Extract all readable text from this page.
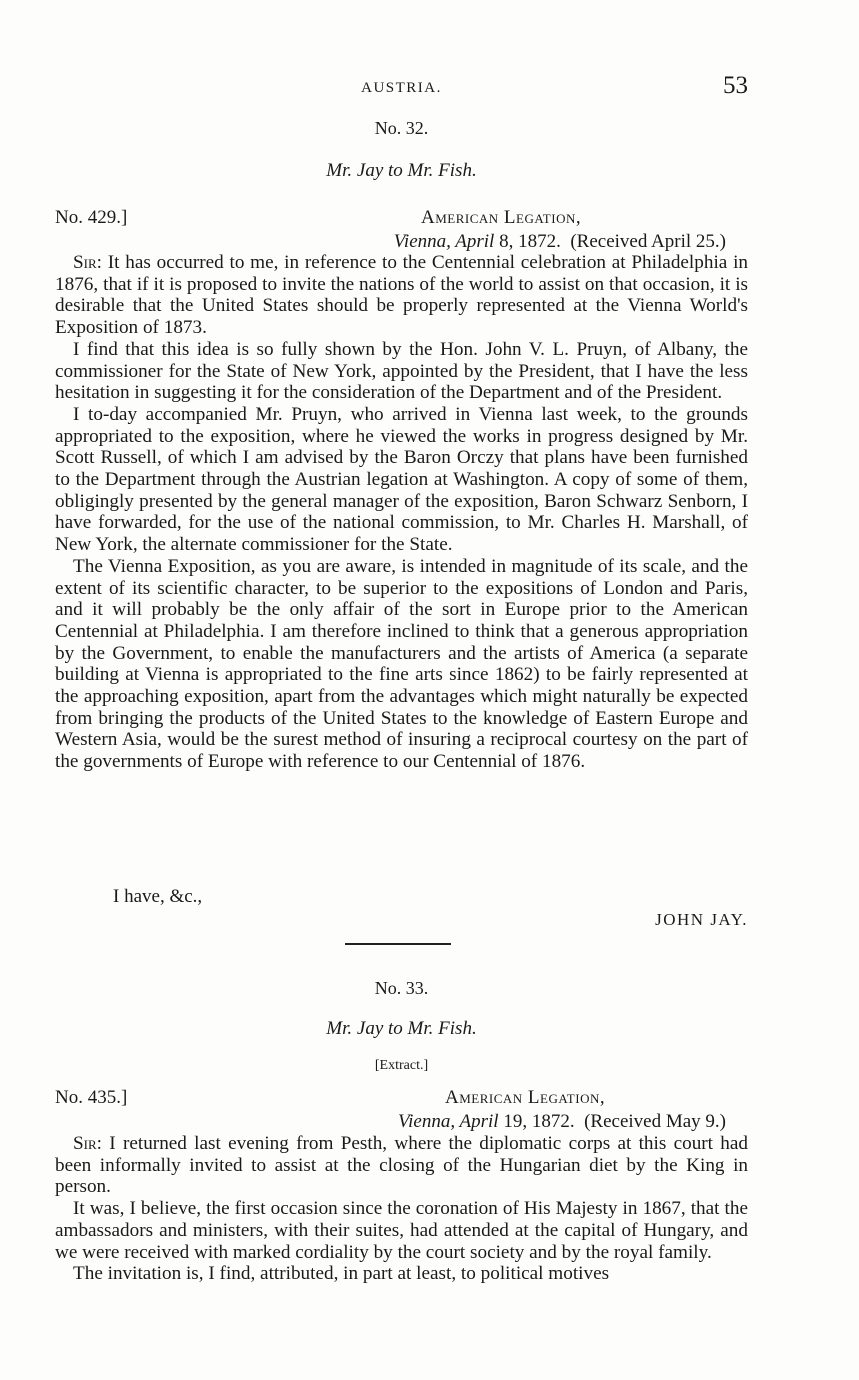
AUSTRIA.	53
No. 32.
Mr. Jay to Mr. Fish.
No. 429.]	American Legation,
Vienna, April 8, 1872. (Received April 25.)

Sir: It has occurred to me, in reference to the Centennial celebration at Philadelphia in 1876, that if it is proposed to invite the nations of the world to assist on that occasion, it is desirable that the United States should be properly represented at the Vienna World's Exposition of 1873.

I find that this idea is so fully shown by the Hon. John V. L. Pruyn, of Albany, the commissioner for the State of New York, appointed by the President, that I have the less hesitation in suggesting it for the consideration of the Department and of the President.

I to-day accompanied Mr. Pruyn, who arrived in Vienna last week, to the grounds appropriated to the exposition, where he viewed the works in progress designed by Mr. Scott Russell, of which I am advised by the Baron Orczy that plans have been furnished to the Department through the Austrian legation at Washington. A copy of some of them, obligingly presented by the general manager of the exposition, Baron Schwarz Senborn, I have forwarded, for the use of the national commission, to Mr. Charles H. Marshall, of New York, the alternate commissioner for the State.

The Vienna Exposition, as you are aware, is intended in magnitude of its scale, and the extent of its scientific character, to be superior to the expositions of London and Paris, and it will probably be the only affair of the sort in Europe prior to the American Centennial at Philadelphia. I am therefore inclined to think that a generous appropriation by the Government, to enable the manufacturers and the artists of America (a separate building at Vienna is appropriated to the fine arts since 1862) to be fairly represented at the approaching exposition, apart from the advantages which might naturally be expected from bringing the products of the United States to the knowledge of Eastern Europe and Western Asia, would be the surest method of insuring a reciprocal courtesy on the part of the governments of Europe with reference to our Centennial of 1876.

I have, &c.,
JOHN JAY.
No. 33.
Mr. Jay to Mr. Fish.
[Extract.]
No. 435.]	American Legation,
Vienna, April 19, 1872. (Received May 9.)

Sir: I returned last evening from Pesth, where the diplomatic corps at this court had been informally invited to assist at the closing of the Hungarian diet by the King in person.

It was, I believe, the first occasion since the coronation of His Majesty in 1867, that the ambassadors and ministers, with their suites, had attended at the capital of Hungary, and we were received with marked cordiality by the court society and by the royal family.

The invitation is, I find, attributed, in part at least, to political motives
